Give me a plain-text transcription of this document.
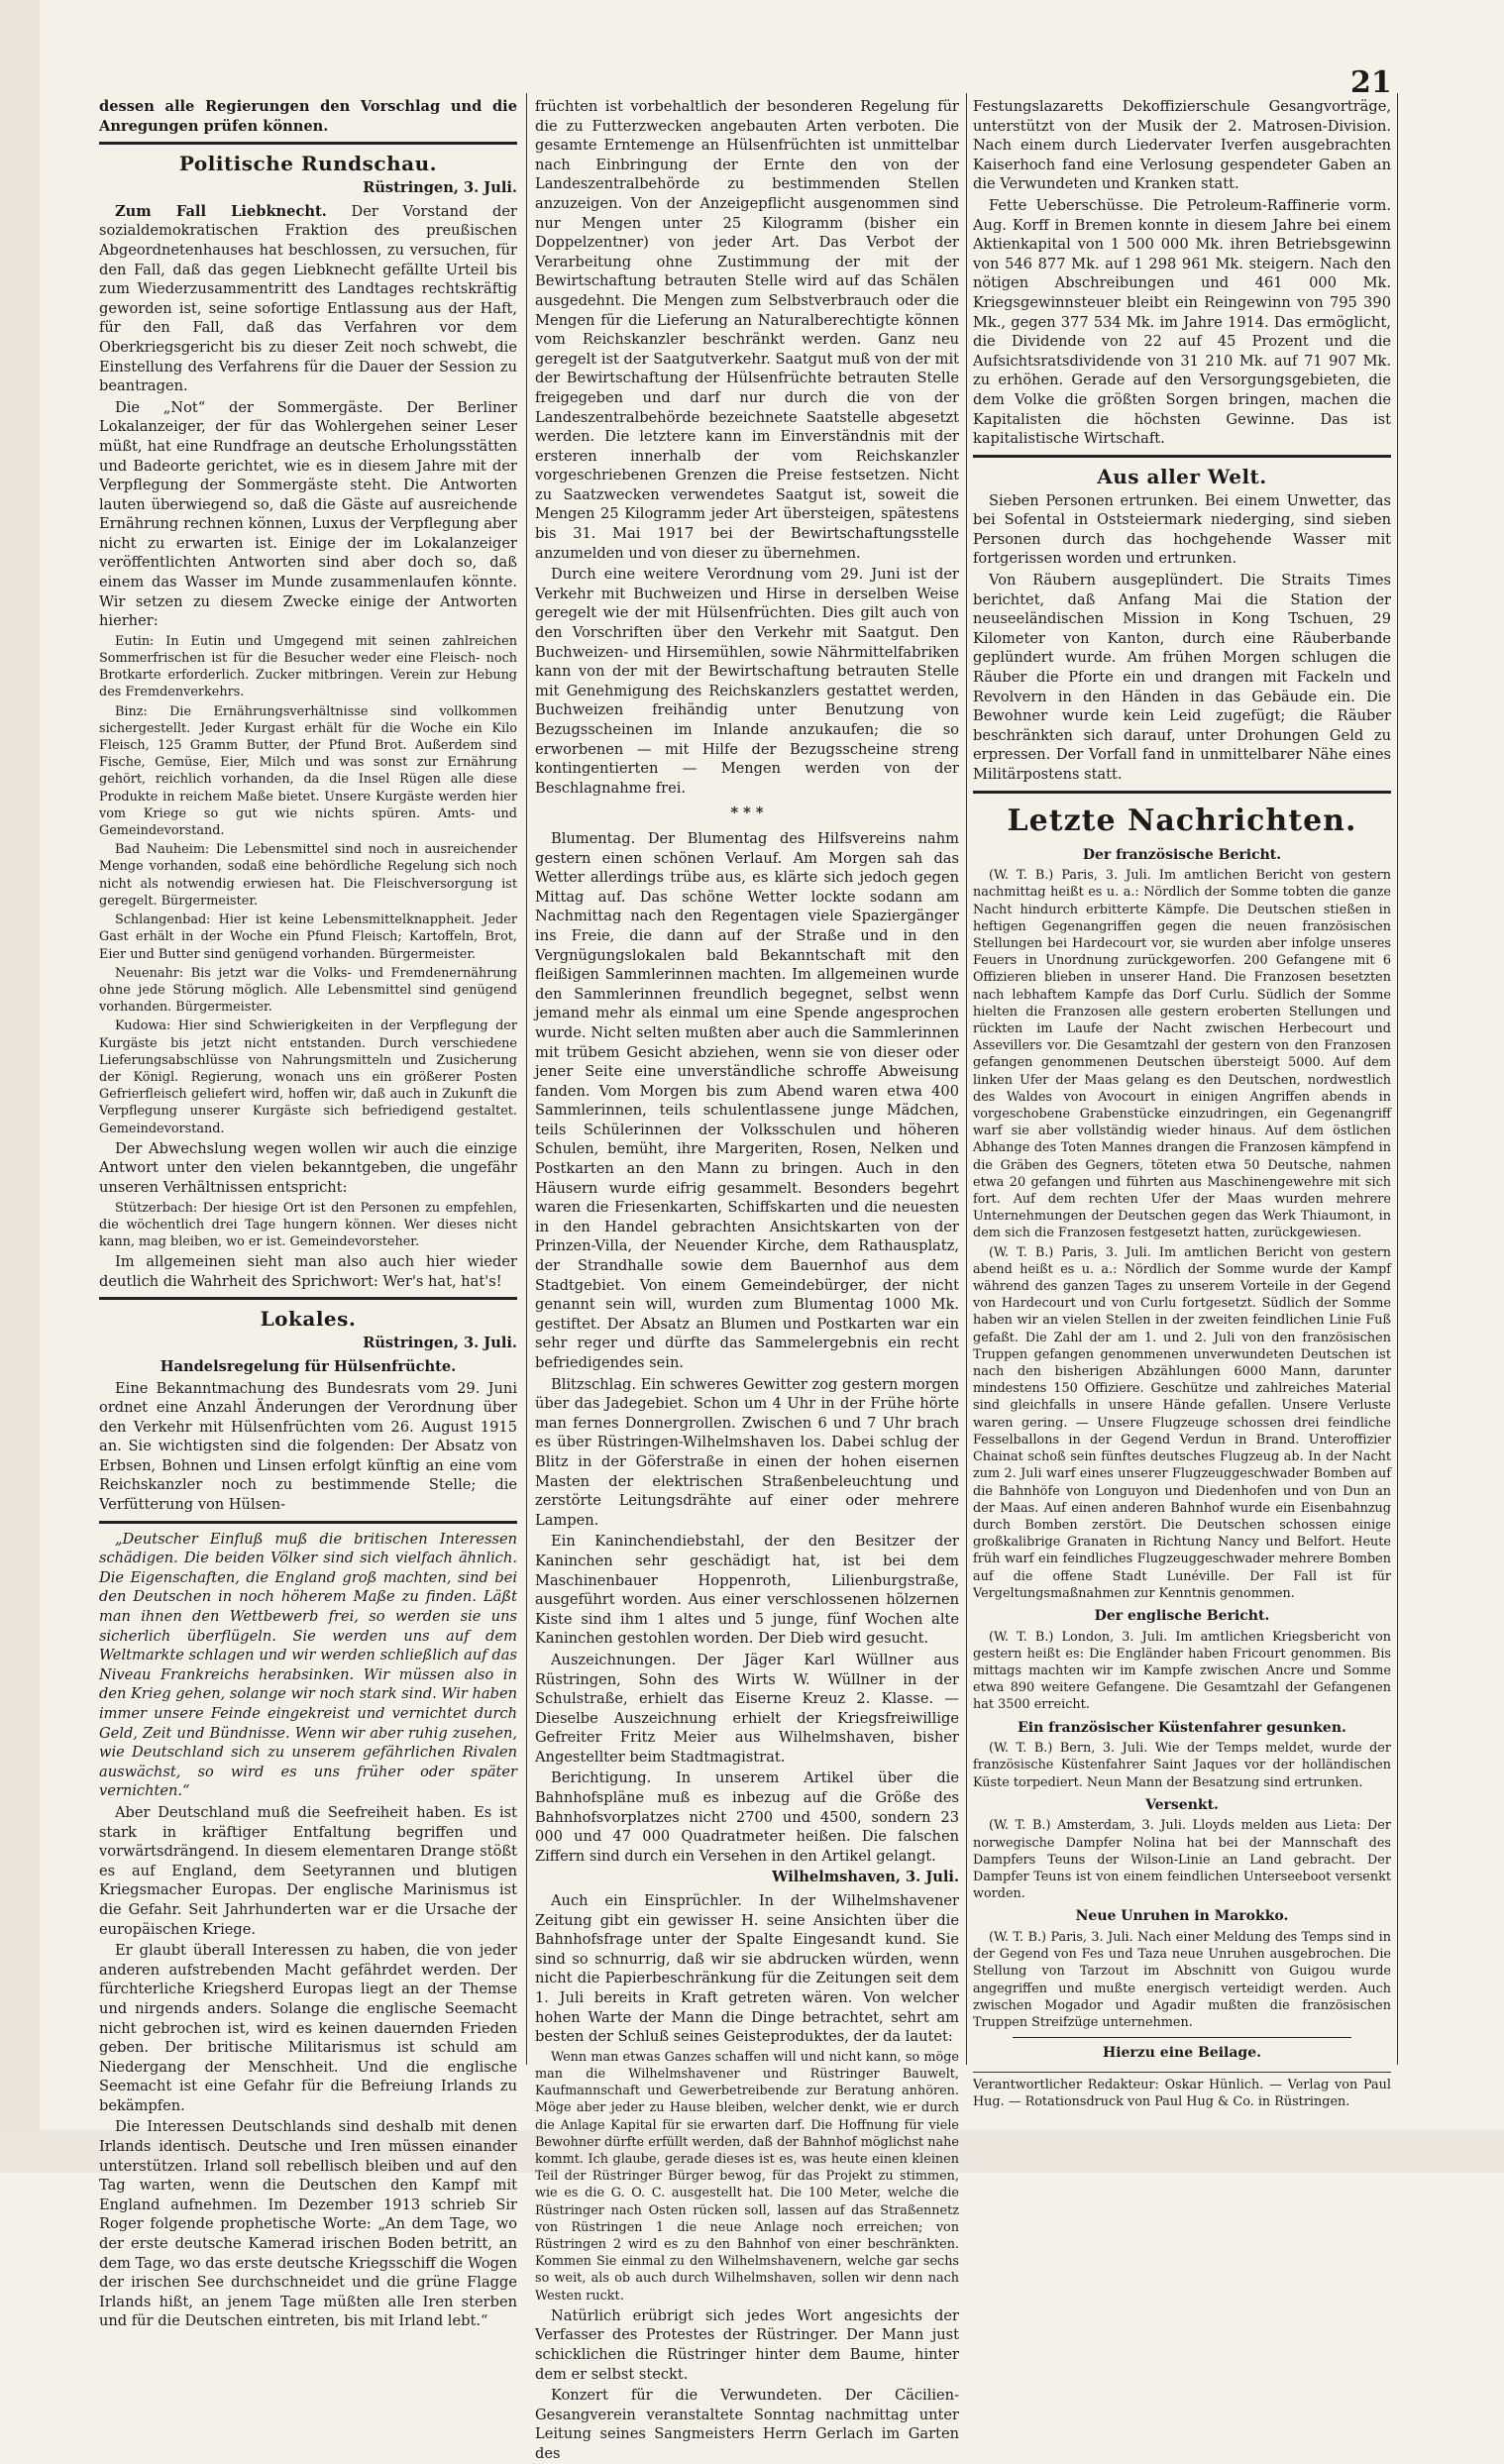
21

dessen alle Regierungen den Vorschlag und die Anregungen prüfen können.

Politische Rundschau.
Rüstringen, 3. Juli.

Zum Fall Liebknecht. Der Vorstand der sozialdemokratischen Fraktion des preußischen Abgeordnetenhauses hat beschlossen, zu versuchen, für den Fall, daß das gegen Liebknecht gefällte Urteil bis zum Wiederzusammentritt des Landtages rechtskräftig geworden ist, seine sofortige Entlassung aus der Haft, für den Fall, daß das Verfahren vor dem Oberkriegsgericht bis zu dieser Zeit noch schwebt, die Einstellung des Verfahrens für die Dauer der Session zu beantragen.

Die „Not“ der Sommergäste. Der Berliner Lokalanzeiger, der für das Wohlergehen seiner Leser müßt, hat eine Rundfrage an deutsche Erholungsstätten und Badeorte gerichtet, wie es in diesem Jahre mit der Verpflegung der Sommergäste steht. Die Antworten lauten überwiegend so, daß die Gäste auf ausreichende Ernährung rechnen können, Luxus der Verpflegung aber nicht zu erwarten ist. Einige der im Lokalanzeiger veröffentlichten Antworten sind aber doch so, daß einem das Wasser im Munde zusammenlaufen könnte. Wir setzen zu diesem Zwecke einige der Antworten hierher:

Eutin: In Eutin und Umgegend mit seinen zahlreichen Sommerfrischen ist für die Besucher weder eine Fleisch- noch Brotkarte erforderlich. Zucker mitbringen. Verein zur Hebung des Fremdenverkehrs.

Binz: Die Ernährungsverhältnisse sind vollkommen sichergestellt. Jeder Kurgast erhält für die Woche ein Kilo Fleisch, 125 Gramm Butter, der Pfund Brot. Außerdem sind Fische, Gemüse, Eier, Milch und was sonst zur Ernährung gehört, reichlich vorhanden, da die Insel Rügen alle diese Produkte in reichem Maße bietet. Unsere Kurgäste werden hier vom Kriege so gut wie nichts spüren. Amts- und Gemeindevorstand.

Bad Nauheim: Die Lebensmittel sind noch in ausreichender Menge vorhanden, sodaß eine behördliche Regelung sich noch nicht als notwendig erwiesen hat. Die Fleischversorgung ist geregelt. Bürgermeister.

Schlangenbad: Hier ist keine Lebensmittelknappheit. Jeder Gast erhält in der Woche ein Pfund Fleisch; Kartoffeln, Brot, Eier und Butter sind genügend vorhanden. Bürgermeister.

Neuenahr: Bis jetzt war die Volks- und Fremdenernährung ohne jede Störung möglich. Alle Lebensmittel sind genügend vorhanden. Bürgermeister.

Kudowa: Hier sind Schwierigkeiten in der Verpflegung der Kurgäste bis jetzt nicht entstanden. Durch verschiedene Lieferungsabschlüsse von Nahrungsmitteln und Zusicherung der Königl. Regierung, wonach uns ein größerer Posten Gefrierfleisch geliefert wird, hoffen wir, daß auch in Zukunft die Verpflegung unserer Kurgäste sich befriedigend gestaltet. Gemeindevorstand.

Der Abwechslung wegen wollen wir auch die einzige Antwort unter den vielen bekanntgeben, die ungefähr unseren Verhältnissen entspricht:

Stützerbach: Der hiesige Ort ist den Personen zu empfehlen, die wöchentlich drei Tage hungern können. Wer dieses nicht kann, mag bleiben, wo er ist. Gemeindevorsteher.

Im allgemeinen sieht man also auch hier wieder deutlich die Wahrheit des Sprichwort: Wer's hat, hat's!

Lokales.
Rüstringen, 3. Juli.
Handelsregelung für Hülsenfrüchte.

Eine Bekanntmachung des Bundesrats vom 29. Juni ordnet eine Anzahl Änderungen der Verordnung über den Verkehr mit Hülsenfrüchten vom 26. August 1915 an. Sie wichtigsten sind die folgenden: Der Absatz von Erbsen, Bohnen und Linsen erfolgt künftig an eine vom Reichskanzler noch zu bestimmende Stelle; die Verfütterung von Hülsen-

„Deutscher Einfluß muß die britischen Interessen schädigen. Die beiden Völker sind sich vielfach ähnlich. Die Eigenschaften, die England groß machten, sind bei den Deutschen in noch höherem Maße zu finden. Läßt man ihnen den Wettbewerb frei, so werden sie uns sicherlich überflügeln. Sie werden uns auf dem Weltmarkte schlagen und wir werden schließlich auf das Niveau Frankreichs herabsinken. Wir müssen also in den Krieg gehen, solange wir noch stark sind. Wir haben immer unsere Feinde eingekreist und vernichtet durch Geld, Zeit und Bündnisse. Wenn wir aber ruhig zusehen, wie Deutschland sich zu unserem gefährlichen Rivalen auswächst, so wird es uns früher oder später vernichten.“

Aber Deutschland muß die Seefreiheit haben. Es ist stark in kräftiger Entfaltung begriffen und vorwärtsdrängend. In diesem elementaren Drange stößt es auf England, dem Seetyrannen und blutigen Kriegsmacher Europas. Der englische Marinismus ist die Gefahr. Seit Jahrhunderten war er die Ursache der europäischen Kriege.

Er glaubt überall Interessen zu haben, die von jeder anderen aufstrebenden Macht gefährdet werden. Der fürchterliche Kriegsherd Europas liegt an der Themse und nirgends anders. Solange die englische Seemacht nicht gebrochen ist, wird es keinen dauernden Frieden geben. Der britische Militarismus ist schuld am Niedergang der Menschheit. Und die englische Seemacht ist eine Gefahr für die Befreiung Irlands zu bekämpfen.

Die Interessen Deutschlands sind deshalb mit denen Irlands identisch. Deutsche und Iren müssen einander unterstützen. Irland soll rebellisch bleiben und auf den Tag warten, wenn die Deutschen den Kampf mit England aufnehmen. Im Dezember 1913 schrieb Sir Roger folgende prophetische Worte: „An dem Tage, wo der erste deutsche Kamerad irischen Boden betritt, an dem Tage, wo das erste deutsche Kriegsschiff die Wogen der irischen See durchschneidet und die grüne Flagge Irlands hißt, an jenem Tage müßten alle Iren sterben und für die Deutschen eintreten, bis mit Irland lebt.“

früchten ist vorbehaltlich der besonderen Regelung für die zu Futterzwecken angebauten Arten verboten. Die gesamte Erntemenge an Hülsenfrüchten ist unmittelbar nach Einbringung der Ernte den von der Landeszentralbehörde zu bestimmenden Stellen anzuzeigen. Von der Anzeigepflicht ausgenommen sind nur Mengen unter 25 Kilogramm (bisher ein Doppelzentner) von jeder Art. Das Verbot der Verarbeitung ohne Zustimmung der mit der Bewirtschaftung betrauten Stelle wird auf das Schälen ausgedehnt. Die Mengen zum Selbstverbrauch oder die Mengen für die Lieferung an Naturalberechtigte können vom Reichskanzler beschränkt werden. Ganz neu geregelt ist der Saatgutverkehr. Saatgut muß von der mit der Bewirtschaftung der Hülsenfrüchte betrauten Stelle freigegeben und darf nur durch die von der Landeszentralbehörde bezeichnete Saatstelle abgesetzt werden. Die letztere kann im Einverständnis mit der ersteren innerhalb der vom Reichskanzler vorgeschriebenen Grenzen die Preise festsetzen. Nicht zu Saatzwecken verwendetes Saatgut ist, soweit die Mengen 25 Kilogramm jeder Art übersteigen, spätestens bis 31. Mai 1917 bei der Bewirtschaftungsstelle anzumelden und von dieser zu übernehmen.

Durch eine weitere Verordnung vom 29. Juni ist der Verkehr mit Buchweizen und Hirse in derselben Weise geregelt wie der mit Hülsenfrüchten. Dies gilt auch von den Vorschriften über den Verkehr mit Saatgut. Den Buchweizen- und Hirsemühlen, sowie Nährmittelfabriken kann von der mit der Bewirtschaftung betrauten Stelle mit Genehmigung des Reichskanzlers gestattet werden, Buchweizen freihändig unter Benutzung von Bezugsscheinen im Inlande anzukaufen; die so erworbenen — mit Hilfe der Bezugsscheine streng kontingentierten — Mengen werden von der Beschlagnahme frei.

* * *

Blumentag. Der Blumentag des Hilfsvereins nahm gestern einen schönen Verlauf. Am Morgen sah das Wetter allerdings trübe aus, es klärte sich jedoch gegen Mittag auf. Das schöne Wetter lockte sodann am Nachmittag nach den Regentagen viele Spaziergänger ins Freie, die dann auf der Straße und in den Vergnügungslokalen bald Bekanntschaft mit den fleißigen Sammlerinnen machten. Im allgemeinen wurde den Sammlerinnen freundlich begegnet, selbst wenn jemand mehr als einmal um eine Spende angesprochen wurde. Nicht selten mußten aber auch die Sammlerinnen mit trübem Gesicht abziehen, wenn sie von dieser oder jener Seite eine unverständliche schroffe Abweisung fanden. Vom Morgen bis zum Abend waren etwa 400 Sammlerinnen, teils schulentlassene junge Mädchen, teils Schülerinnen der Volksschulen und höheren Schulen, bemüht, ihre Margeriten, Rosen, Nelken und Postkarten an den Mann zu bringen. Auch in den Häusern wurde eifrig gesammelt. Besonders begehrt waren die Friesenkarten, Schiffskarten und die neuesten in den Handel gebrachten Ansichtskarten von der Prinzen-Villa, der Neuender Kirche, dem Rathausplatz, der Strandhalle sowie dem Bauernhof aus dem Stadtgebiet. Von einem Gemeindebürger, der nicht genannt sein will, wurden zum Blumentag 1000 Mk. gestiftet. Der Absatz an Blumen und Postkarten war ein sehr reger und dürfte das Sammelergebnis ein recht befriedigendes sein.

Blitzschlag. Ein schweres Gewitter zog gestern morgen über das Jadegebiet. Schon um 4 Uhr in der Frühe hörte man fernes Donnergrollen. Zwischen 6 und 7 Uhr brach es über Rüstringen-Wilhelmshaven los. Dabei schlug der Blitz in der Göferstraße in einen der hohen eisernen Masten der elektrischen Straßenbeleuchtung und zerstörte Leitungsdrähte auf einer oder mehrere Lampen.

Ein Kaninchendiebstahl, der den Besitzer der Kaninchen sehr geschädigt hat, ist bei dem Maschinenbauer Hoppenroth, Lilienburgstraße, ausgeführt worden. Aus einer verschlossenen hölzernen Kiste sind ihm 1 altes und 5 junge, fünf Wochen alte Kaninchen gestohlen worden. Der Dieb wird gesucht.

Auszeichnungen. Der Jäger Karl Wüllner aus Rüstringen, Sohn des Wirts W. Wüllner in der Schulstraße, erhielt das Eiserne Kreuz 2. Klasse. — Dieselbe Auszeichnung erhielt der Kriegsfreiwillige Gefreiter Fritz Meier aus Wilhelmshaven, bisher Angestellter beim Stadtmagistrat.

Berichtigung. In unserem Artikel über die Bahnhofspläne muß es inbezug auf die Größe des Bahnhofsvorplatzes nicht 2700 und 4500, sondern 23 000 und 47 000 Quadratmeter heißen. Die falschen Ziffern sind durch ein Versehen in den Artikel gelangt.

Wilhelmshaven, 3. Juli.

Auch ein Einsprüchler. In der Wilhelmshavener Zeitung gibt ein gewisser H. seine Ansichten über die Bahnhofsfrage unter der Spalte Eingesandt kund. Sie sind so schnurrig, daß wir sie abdrucken würden, wenn nicht die Papierbeschränkung für die Zeitungen seit dem 1. Juli bereits in Kraft getreten wären. Von welcher hohen Warte der Mann die Dinge betrachtet, sehrt am besten der Schluß seines Geisteproduktes, der da lautet:

Wenn man etwas Ganzes schaffen will und nicht kann, so möge man die Wilhelmshavener und Rüstringer Bauwelt, Kaufmannschaft und Gewerbetreibende zur Beratung anhören. Möge aber jeder zu Hause bleiben, welcher denkt, wie er durch die Anlage Kapital für sie erwarten darf. Die Hoffnung für viele Bewohner dürfte erfüllt werden, daß der Bahnhof möglichst nahe kommt. Ich glaube, gerade dieses ist es, was heute einen kleinen Teil der Rüstringer Bürger bewog, für das Projekt zu stimmen, wie es die G. O. C. ausgestellt hat. Die 100 Meter, welche die Rüstringer nach Osten rücken soll, lassen auf das Straßennetz von Rüstringen 1 die neue Anlage noch erreichen; von Rüstringen 2 wird es zu den Bahnhof von einer beschränkten. Kommen Sie einmal zu den Wilhelmshavenern, welche gar sechs so weit, als ob auch durch Wilhelmshaven, sollen wir denn nach Westen ruckt.

Natürlich erübrigt sich jedes Wort angesichts der Verfasser des Protestes der Rüstringer. Der Mann just schicklichen die Rüstringer hinter dem Baume, hinter dem er selbst steckt.

Konzert für die Verwundeten. Der Cäcilien-Gesangverein veranstaltete Sonntag nachmittag unter Leitung seines Sangmeisters Herrn Gerlach im Garten des

Festungslazaretts Dekoffizierschule Gesangvorträge, unterstützt von der Musik der 2. Matrosen-Division. Nach einem durch Liedervater Iverfen ausgebrachten Kaiserhoch fand eine Verlosung gespendeter Gaben an die Verwundeten und Kranken statt.

Fette Ueberschüsse. Die Petroleum-Raffinerie vorm. Aug. Korff in Bremen konnte in diesem Jahre bei einem Aktienkapital von 1 500 000 Mk. ihren Betriebsgewinn von 546 877 Mk. auf 1 298 961 Mk. steigern. Nach den nötigen Abschreibungen und 461 000 Mk. Kriegsgewinnsteuer bleibt ein Reingewinn von 795 390 Mk., gegen 377 534 Mk. im Jahre 1914. Das ermöglicht, die Dividende von 22 auf 45 Prozent und die Aufsichtsratsdividende von 31 210 Mk. auf 71 907 Mk. zu erhöhen. Gerade auf den Versorgungsgebieten, die dem Volke die größten Sorgen bringen, machen die Kapitalisten die höchsten Gewinne. Das ist kapitalistische Wirtschaft.

Aus aller Welt.

Sieben Personen ertrunken. Bei einem Unwetter, das bei Sofental in Oststeiermark niederging, sind sieben Personen durch das hochgehende Wasser mit fortgerissen worden und ertrunken.

Von Räubern ausgeplündert. Die Straits Times berichtet, daß Anfang Mai die Station der neuseeländischen Mission in Kong Tschuen, 29 Kilometer von Kanton, durch eine Räuberbande geplündert wurde. Am frühen Morgen schlugen die Räuber die Pforte ein und drangen mit Fackeln und Revolvern in den Händen in das Gebäude ein. Die Bewohner wurde kein Leid zugefügt; die Räuber beschränkten sich darauf, unter Drohungen Geld zu erpressen. Der Vorfall fand in unmittelbarer Nähe eines Militärpostens statt.

Letzte Nachrichten.
Der französische Bericht.

(W. T. B.) Paris, 3. Juli. Im amtlichen Bericht von gestern nachmittag heißt es u. a.: Nördlich der Somme tobten die ganze Nacht hindurch erbitterte Kämpfe. Die Deutschen stießen in heftigen Gegenangriffen gegen die neuen französischen Stellungen bei Hardecourt vor, sie wurden aber infolge unseres Feuers in Unordnung zurückgeworfen. 200 Gefangene mit 6 Offizieren blieben in unserer Hand. Die Franzosen besetzten nach lebhaftem Kampfe das Dorf Curlu. Südlich der Somme hielten die Franzosen alle gestern eroberten Stellungen und rückten im Laufe der Nacht zwischen Herbecourt und Assevillers vor. Die Gesamtzahl der gestern von den Franzosen gefangen genommenen Deutschen übersteigt 5000. Auf dem linken Ufer der Maas gelang es den Deutschen, nordwestlich des Waldes von Avocourt in einigen Angriffen abends in vorgeschobene Grabenstücke einzudringen, ein Gegenangriff warf sie aber vollständig wieder hinaus. Auf dem östlichen Abhange des Toten Mannes drangen die Franzosen kämpfend in die Gräben des Gegners, töteten etwa 50 Deutsche, nahmen etwa 20 gefangen und führten aus Maschinengewehre mit sich fort. Auf dem rechten Ufer der Maas wurden mehrere Unternehmungen der Deutschen gegen das Werk Thiaumont, in dem sich die Franzosen festgesetzt hatten, zurückgewiesen.

(W. T. B.) Paris, 3. Juli. Im amtlichen Bericht von gestern abend heißt es u. a.: Nördlich der Somme wurde der Kampf während des ganzen Tages zu unserem Vorteile in der Gegend von Hardecourt und von Curlu fortgesetzt. Südlich der Somme haben wir an vielen Stellen in der zweiten feindlichen Linie Fuß gefaßt. Die Zahl der am 1. und 2. Juli von den französischen Truppen gefangen genommenen unverwundeten Deutschen ist nach den bisherigen Abzählungen 6000 Mann, darunter mindestens 150 Offiziere. Geschütze und zahlreiches Material sind gleichfalls in unsere Hände gefallen. Unsere Verluste waren gering. — Unsere Flugzeuge schossen drei feindliche Fesselballons in der Gegend Verdun in Brand. Unteroffizier Chainat schoß sein fünftes deutsches Flugzeug ab. In der Nacht zum 2. Juli warf eines unserer Flugzeuggeschwader Bomben auf die Bahnhöfe von Longuyon und Diedenhofen und von Dun an der Maas. Auf einen anderen Bahnhof wurde ein Eisenbahnzug durch Bomben zerstört. Die Deutschen schossen einige großkalibrige Granaten in Richtung Nancy und Belfort. Heute früh warf ein feindliches Flugzeuggeschwader mehrere Bomben auf die offene Stadt Lunéville. Der Fall ist für Vergeltungsmaßnahmen zur Kenntnis genommen.

Der englische Bericht.

(W. T. B.) London, 3. Juli. Im amtlichen Kriegsbericht von gestern heißt es: Die Engländer haben Fricourt genommen. Bis mittags machten wir im Kampfe zwischen Ancre und Somme etwa 890 weitere Gefangene. Die Gesamtzahl der Gefangenen hat 3500 erreicht.

Ein französischer Küstenfahrer gesunken.

(W. T. B.) Bern, 3. Juli. Wie der Temps meldet, wurde der französische Küstenfahrer Saint Jaques vor der holländischen Küste torpediert. Neun Mann der Besatzung sind ertrunken.

Versenkt.

(W. T. B.) Amsterdam, 3. Juli. Lloyds melden aus Lieta: Der norwegische Dampfer Nolina hat bei der Mannschaft des Dampfers Teuns der Wilson-Linie an Land gebracht. Der Dampfer Teuns ist von einem feindlichen Unterseeboot versenkt worden.

Neue Unruhen in Marokko.

(W. T. B.) Paris, 3. Juli. Nach einer Meldung des Temps sind in der Gegend von Fes und Taza neue Unruhen ausgebrochen. Die Stellung von Tarzout im Abschnitt von Guigou wurde angegriffen und mußte energisch verteidigt werden. Auch zwischen Mogador und Agadir mußten die französischen Truppen Streifzüge unternehmen.

Hierzu eine Beilage.
Verantwortlicher Redakteur: Oskar Hünlich. — Verlag von Paul Hug. — Rotationsdruck von Paul Hug & Co. in Rüstringen.
